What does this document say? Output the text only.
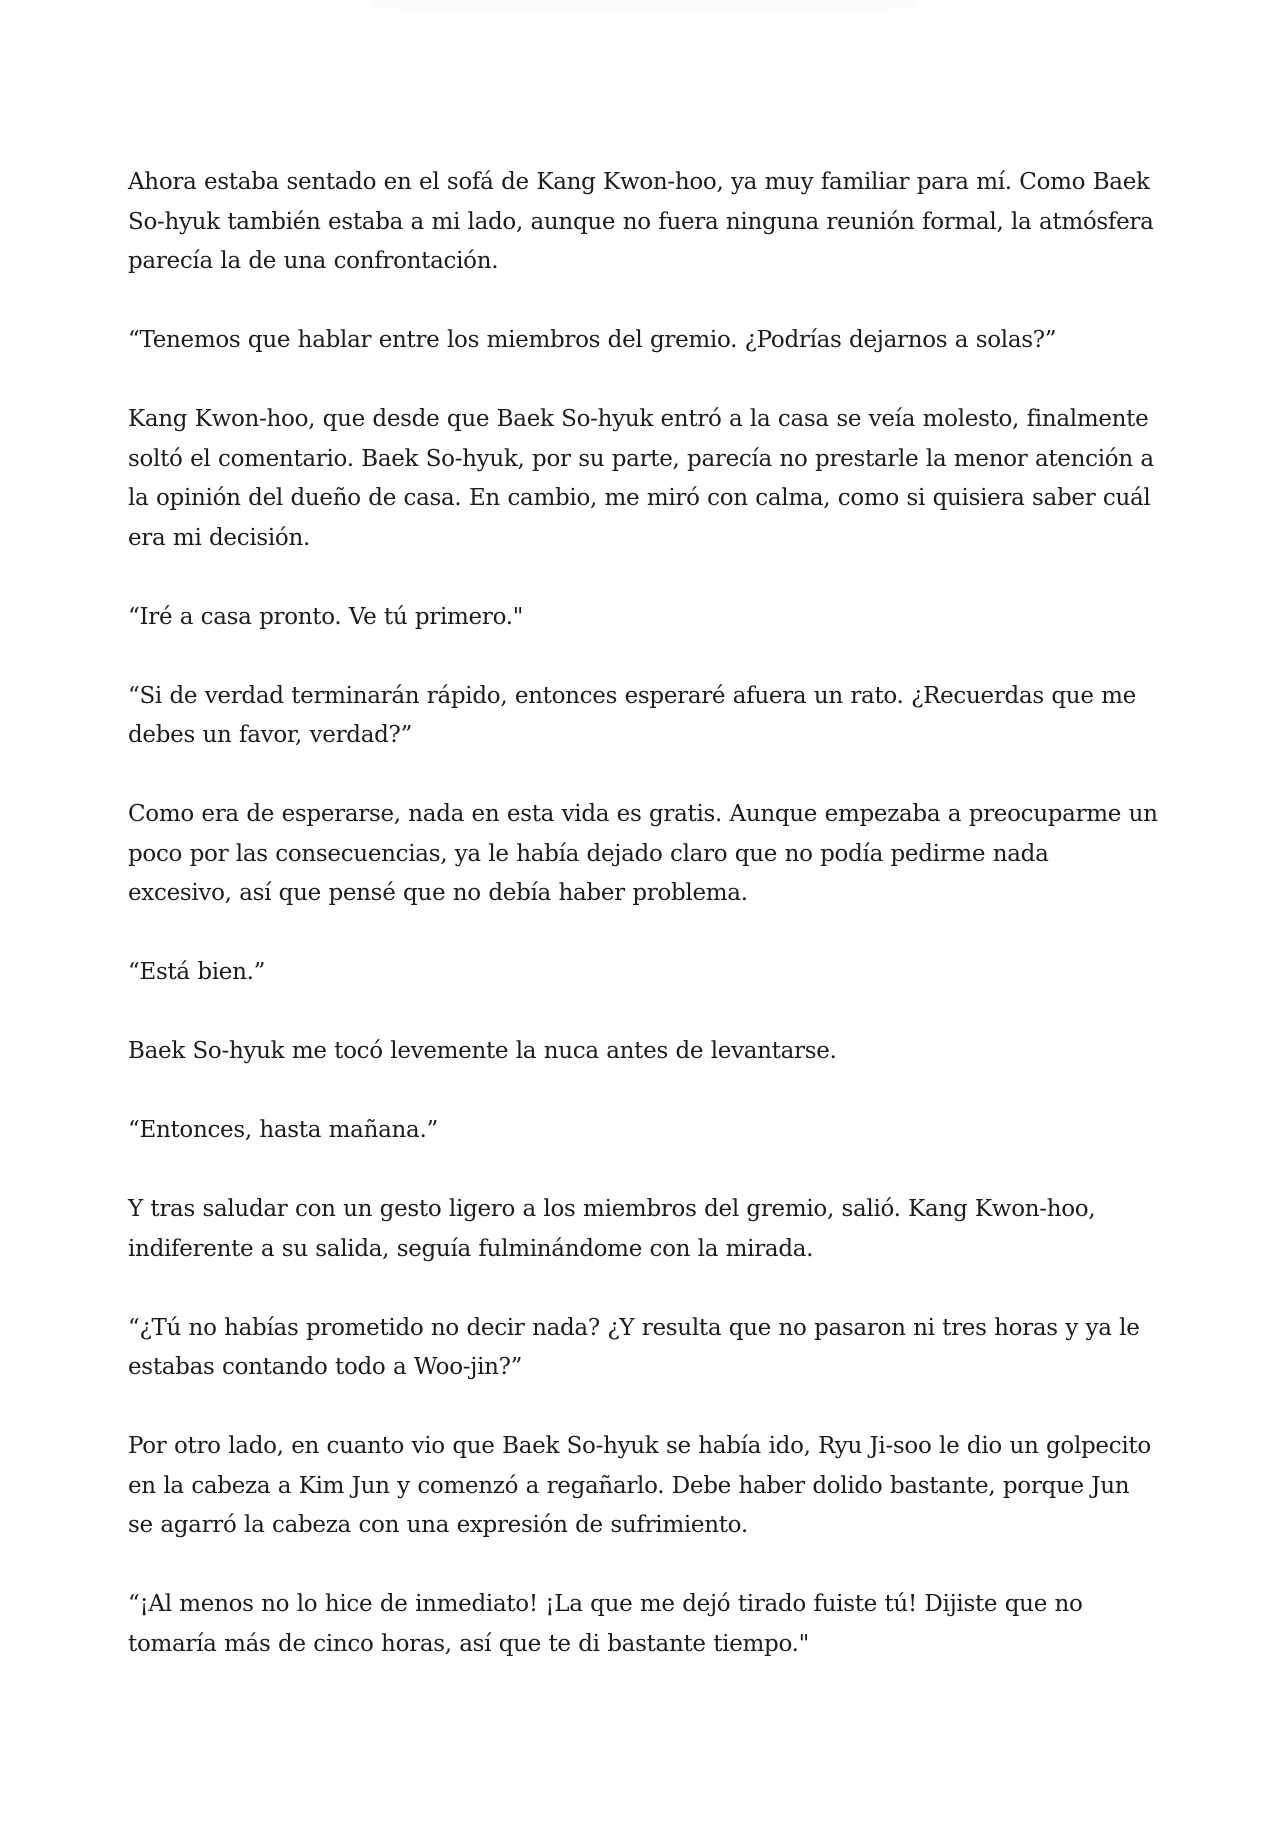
Ahora estaba sentado en el sofá de Kang Kwon-hoo, ya muy familiar para mí. Como Baek So-hyuk también estaba a mi lado, aunque no fuera ninguna reunión formal, la atmósfera parecía la de una confrontación.

“Tenemos que hablar entre los miembros del gremio. ¿Podrías dejarnos a solas?”

Kang Kwon-hoo, que desde que Baek So-hyuk entró a la casa se veía molesto, finalmente soltó el comentario. Baek So-hyuk, por su parte, parecía no prestarle la menor atención a la opinión del dueño de casa. En cambio, me miró con calma, como si quisiera saber cuál era mi decisión.

“Iré a casa pronto. Ve tú primero."

“Si de verdad terminarán rápido, entonces esperaré afuera un rato. ¿Recuerdas que me debes un favor, verdad?”

Como era de esperarse, nada en esta vida es gratis. Aunque empezaba a preocuparme un poco por las consecuencias, ya le había dejado claro que no podía pedirme nada excesivo, así que pensé que no debía haber problema.

“Está bien.”

Baek So-hyuk me tocó levemente la nuca antes de levantarse.

“Entonces, hasta mañana.”

Y tras saludar con un gesto ligero a los miembros del gremio, salió. Kang Kwon-hoo, indiferente a su salida, seguía fulminándome con la mirada.

“¿Tú no habías prometido no decir nada? ¿Y resulta que no pasaron ni tres horas y ya le estabas contando todo a Woo-jin?”

Por otro lado, en cuanto vio que Baek So-hyuk se había ido, Ryu Ji-soo le dio un golpecito en la cabeza a Kim Jun y comenzó a regañarlo. Debe haber dolido bastante, porque Jun se agarró la cabeza con una expresión de sufrimiento.

“¡Al menos no lo hice de inmediato! ¡La que me dejó tirado fuiste tú! Dijiste que no tomaría más de cinco horas, así que te di bastante tiempo."
